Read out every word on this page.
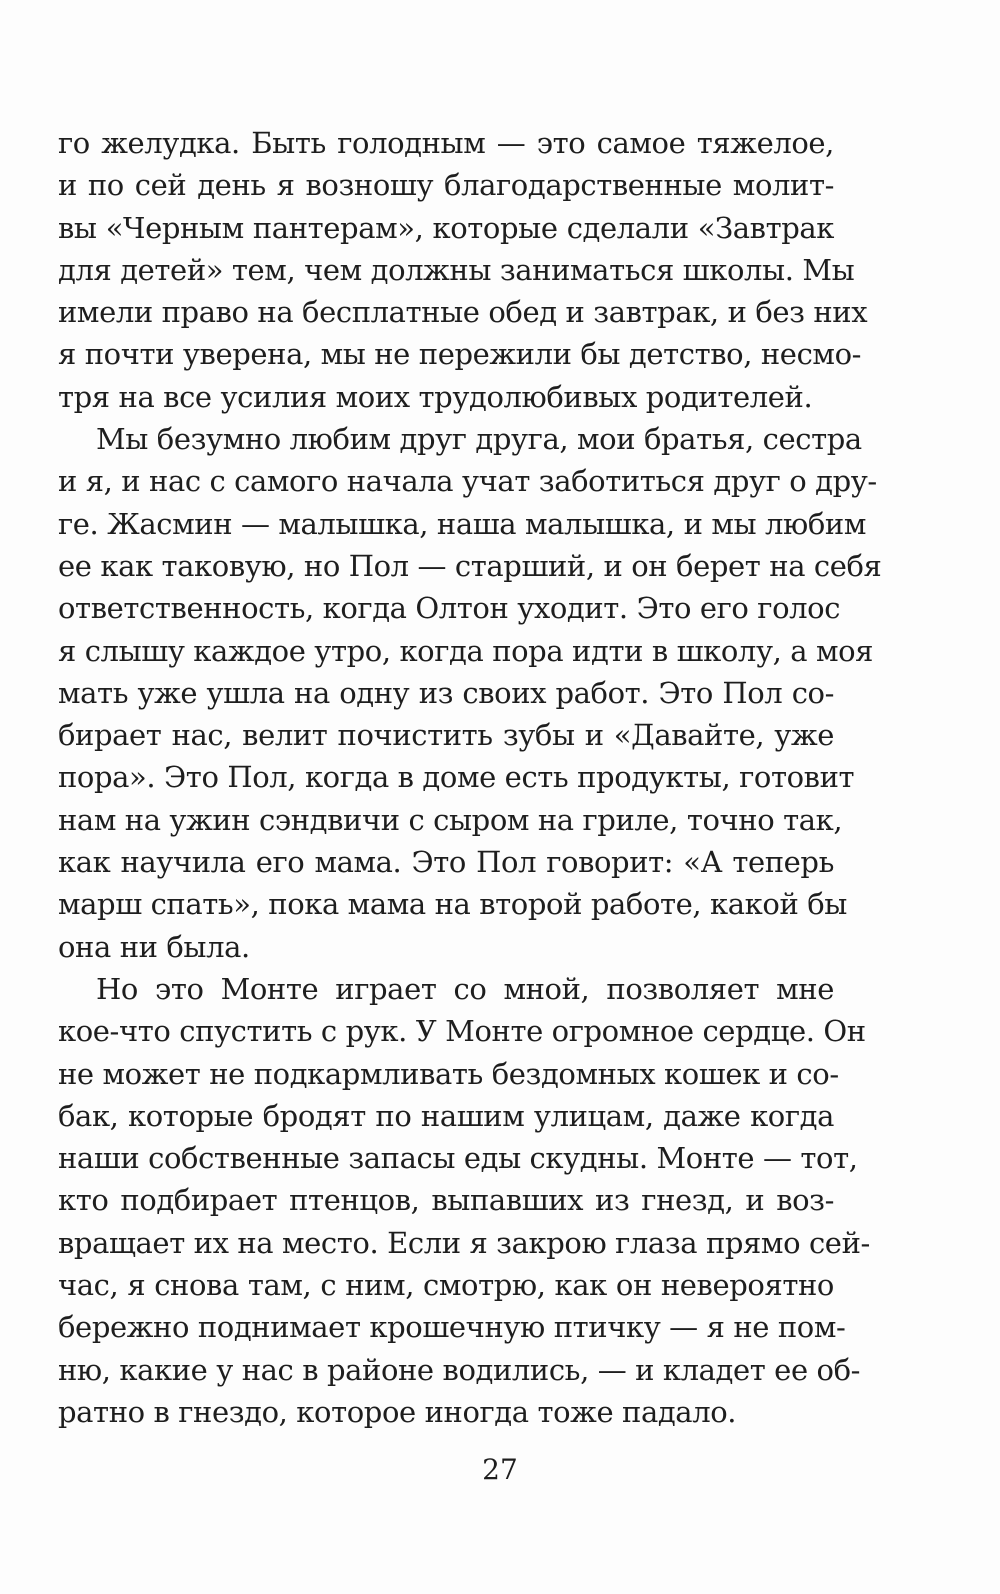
го желудка. Быть голодным — это самое тяжелое,
и по сей день я возношу благодарственные молит-
вы «Черным пантерам», которые сделали «Завтрак
для детей» тем, чем должны заниматься школы. Мы
имели право на бесплатные обед и завтрак, и без них
я почти уверена, мы не пережили бы детство, несмо-
тря на все усилия моих трудолюбивых родителей.
Мы безумно любим друг друга, мои братья, сестра
и я, и нас с самого начала учат заботиться друг о дру-
ге. Жасмин — малышка, наша малышка, и мы любим
ее как таковую, но Пол — старший, и он берет на себя
ответственность, когда Олтон уходит. Это его голос
я слышу каждое утро, когда пора идти в школу, а моя
мать уже ушла на одну из своих работ. Это Пол со-
бирает нас, велит почистить зубы и «Давайте, уже
пора». Это Пол, когда в доме есть продукты, готовит
нам на ужин сэндвичи с сыром на гриле, точно так,
как научила его мама. Это Пол говорит: «А теперь
марш спать», пока мама на второй работе, какой бы
она ни была.
Но это Монте играет со мной, позволяет мне
кое-что спустить с рук. У Монте огромное сердце. Он
не может не подкармливать бездомных кошек и со-
бак, которые бродят по нашим улицам, даже когда
наши собственные запасы еды скудны. Монте — тот,
кто подбирает птенцов, выпавших из гнезд, и воз-
вращает их на место. Если я закрою глаза прямо сей-
час, я снова там, с ним, смотрю, как он невероятно
бережно поднимает крошечную птичку — я не пом-
ню, какие у нас в районе водились, — и кладет ее об-
ратно в гнездо, которое иногда тоже падало.
27
